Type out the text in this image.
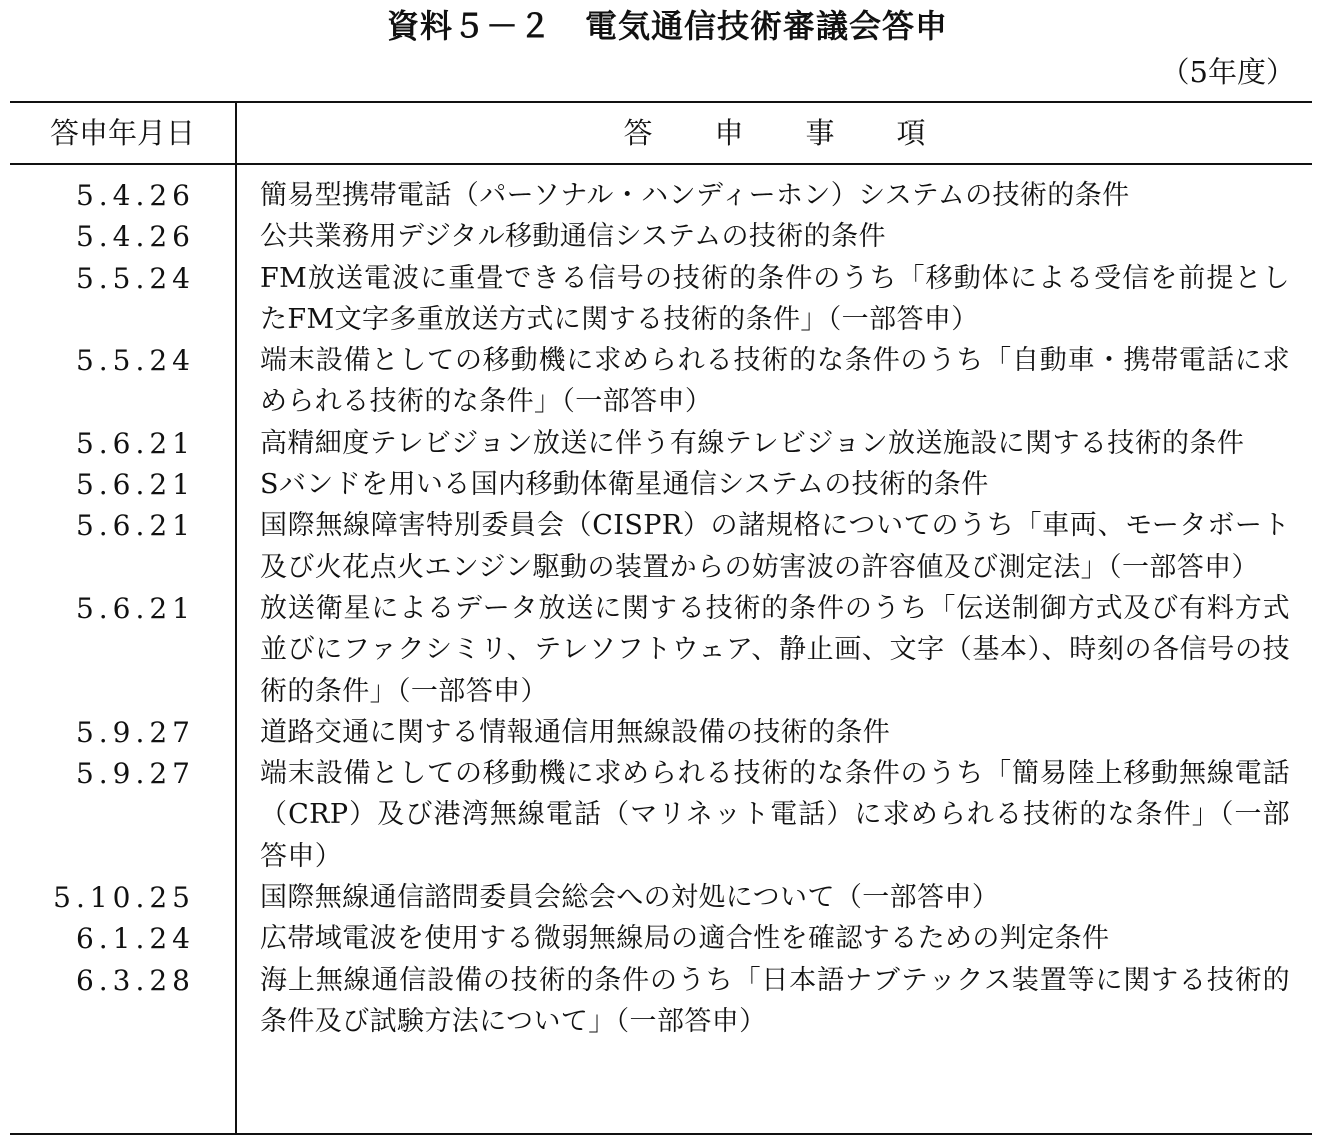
資料５－２　電気通信技術審議会答申
（5年度）
答申年月日	答申事項
5.4.26	簡易型携帯電話（パーソナル・ハンディーホン）システムの技術的条件
5.4.26	公共業務用デジタル移動通信システムの技術的条件
5.5.24	FM放送電波に重畳できる信号の技術的条件のうち「移動体による受信を前提としたFM文字多重放送方式に関する技術的条件」（一部答申）
5.5.24	端末設備としての移動機に求められる技術的な条件のうち「自動車・携帯電話に求められる技術的な条件」（一部答申）
5.6.21	高精細度テレビジョン放送に伴う有線テレビジョン放送施設に関する技術的条件
5.6.21	Sバンドを用いる国内移動体衛星通信システムの技術的条件
5.6.21	国際無線障害特別委員会（CISPR）の諸規格についてのうち「車両、モータボート及び火花点火エンジン駆動の装置からの妨害波の許容値及び測定法」（一部答申）
5.6.21	放送衛星によるデータ放送に関する技術的条件のうち「伝送制御方式及び有料方式並びにファクシミリ、テレソフトウェア、静止画、文字（基本）、時刻の各信号の技術的条件」（一部答申）
5.9.27	道路交通に関する情報通信用無線設備の技術的条件
5.9.27	端末設備としての移動機に求められる技術的な条件のうち「簡易陸上移動無線電話（CRP）及び港湾無線電話（マリネット電話）に求められる技術的な条件」（一部答申）
5.10.25	国際無線通信諮問委員会総会への対処について（一部答申）
6.1.24	広帯域電波を使用する微弱無線局の適合性を確認するための判定条件
6.3.28	海上無線通信設備の技術的条件のうち「日本語ナブテックス装置等に関する技術的条件及び試験方法について」（一部答申）
